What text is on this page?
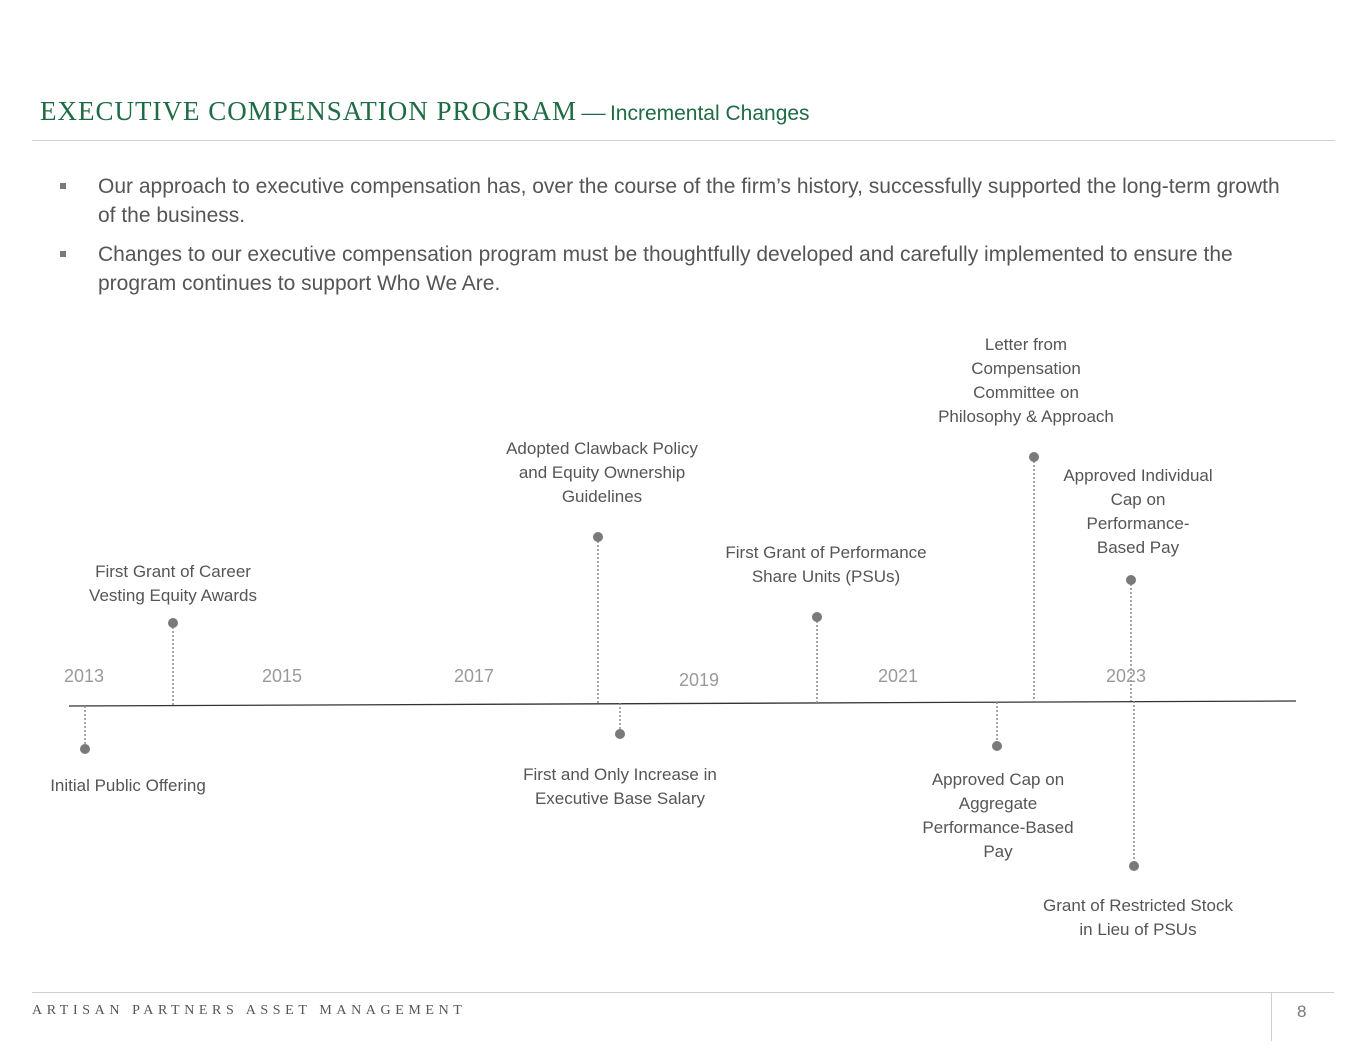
EXECUTIVE COMPENSATION PROGRAM — Incremental Changes
Our approach to executive compensation has, over the course of the firm’s history, successfully supported the long-term growth of the business.
Changes to our executive compensation program must be thoughtfully developed and carefully implemented to ensure the program continues to support Who We Are.
2013	2015	2017	2019	2021	2023
Initial Public Offering
First Grant of Career Vesting Equity Awards
Adopted Clawback Policy and Equity Ownership Guidelines
First and Only Increase in Executive Base Salary
First Grant of Performance Share Units (PSUs)
Approved Cap on Aggregate Performance-Based Pay
Letter from Compensation Committee on Philosophy & Approach
Approved Individual Cap on Performance-Based Pay
Grant of Restricted Stock in Lieu of PSUs
ARTISAN PARTNERS ASSET MANAGEMENT	8
